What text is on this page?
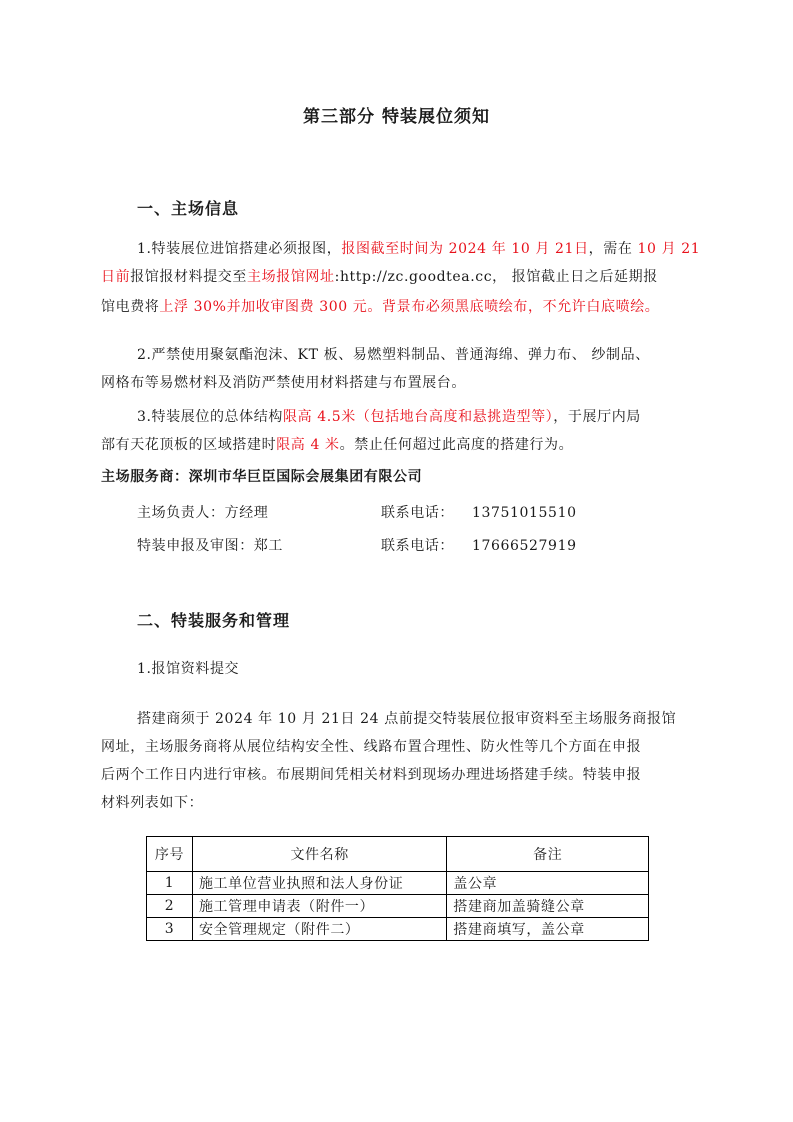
第三部分 特装展位须知
一、主场信息
1.特装展位进馆搭建必须报图，报图截至时间为 2024 年 10 月 21日，需在 10 月 21
日前报馆报材料提交至主场报馆网址:http://zc.goodtea.cc， 报馆截止日之后延期报
馆电费将上浮 30%并加收审图费 300 元。背景布必须黑底喷绘布，不允许白底喷绘。
2.严禁使用聚氨酯泡沫、KT 板、易燃塑料制品、普通海绵、弹力布、 纱制品、
网格布等易燃材料及消防严禁使用材料搭建与布置展台。
3.特装展位的总体结构限高 4.5米（包括地台高度和悬挑造型等），于展厅内局
部有天花顶板的区域搭建时限高 4 米。禁止任何超过此高度的搭建行为。
主场服务商：深圳市华巨臣国际会展集团有限公司
主场负责人：方经理	联系电话： 13751015510
特装申报及审图：郑工	联系电话： 17666527919
二、特装服务和管理
1.报馆资料提交
搭建商须于 2024 年 10 月 21日 24 点前提交特装展位报审资料至主场服务商报馆
网址，主场服务商将从展位结构安全性、线路布置合理性、防火性等几个方面在申报
后两个工作日内进行审核。布展期间凭相关材料到现场办理进场搭建手续。特装申报
材料列表如下：
序号	文件名称	备注
1	施工单位营业执照和法人身份证	盖公章
2	施工管理申请表（附件一）	搭建商加盖骑缝公章
3	安全管理规定（附件二）	搭建商填写，盖公章
